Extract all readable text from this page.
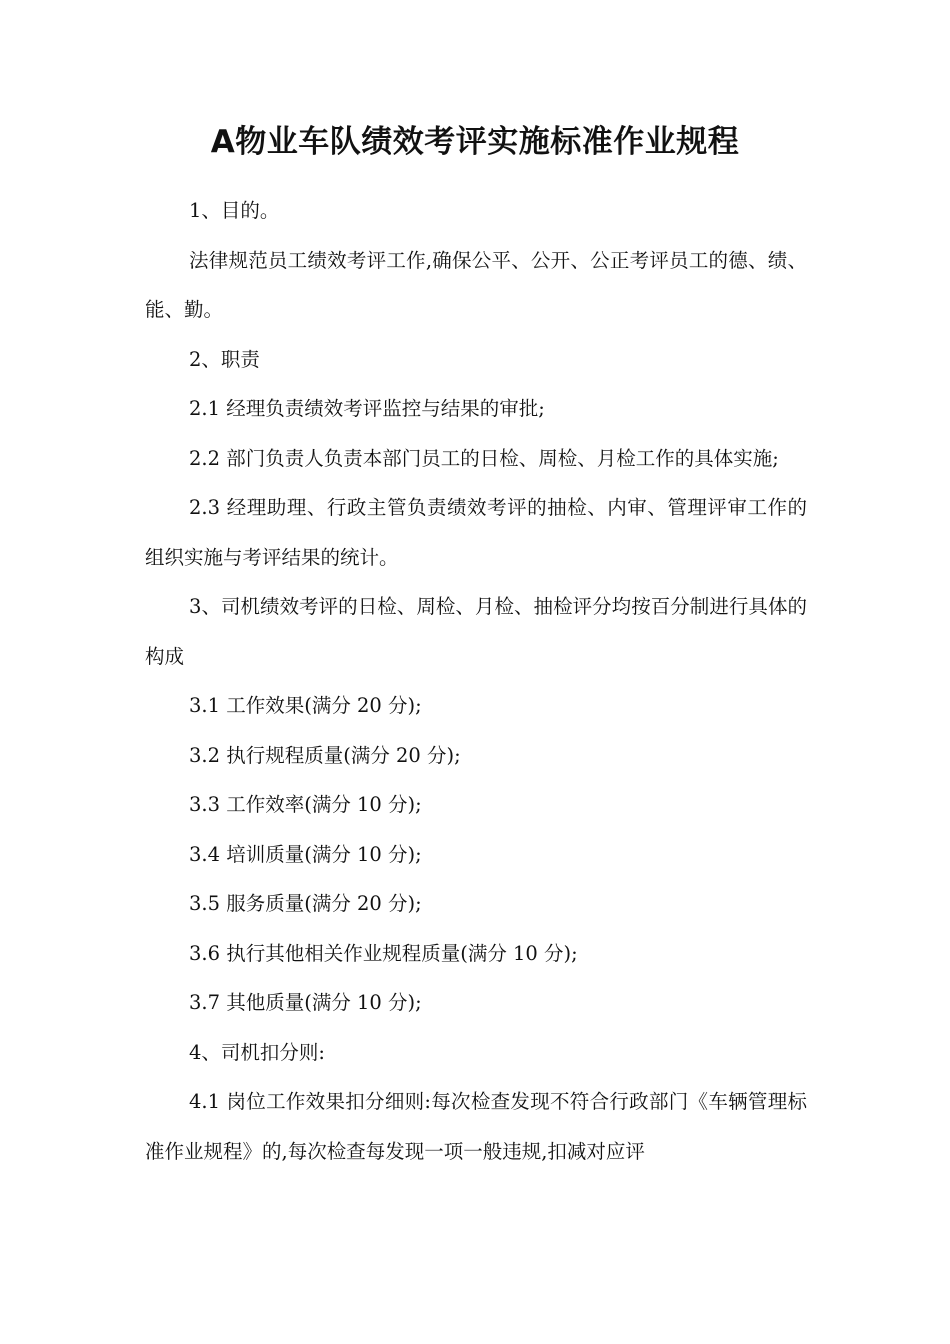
A物业车队绩效考评实施标准作业规程

1、目的。

法律规范员工绩效考评工作,确保公平、公开、公正考评员工的德、绩、能、勤。

2、职责

2.1 经理负责绩效考评监控与结果的审批;

2.2 部门负责人负责本部门员工的日检、周检、月检工作的具体实施;

2.3 经理助理、行政主管负责绩效考评的抽检、内审、管理评审工作的组织实施与考评结果的统计。

3、司机绩效考评的日检、周检、月检、抽检评分均按百分制进行具体的构成

3.1 工作效果(满分 20 分);

3.2 执行规程质量(满分 20 分);

3.3 工作效率(满分 10 分);

3.4 培训质量(满分 10 分);

3.5 服务质量(满分 20 分);

3.6 执行其他相关作业规程质量(满分 10 分);

3.7 其他质量(满分 10 分);

4、司机扣分则:

4.1 岗位工作效果扣分细则:每次检查发现不符合行政部门《车辆管理标准作业规程》的,每次检查每发现一项一般违规,扣减对应评
